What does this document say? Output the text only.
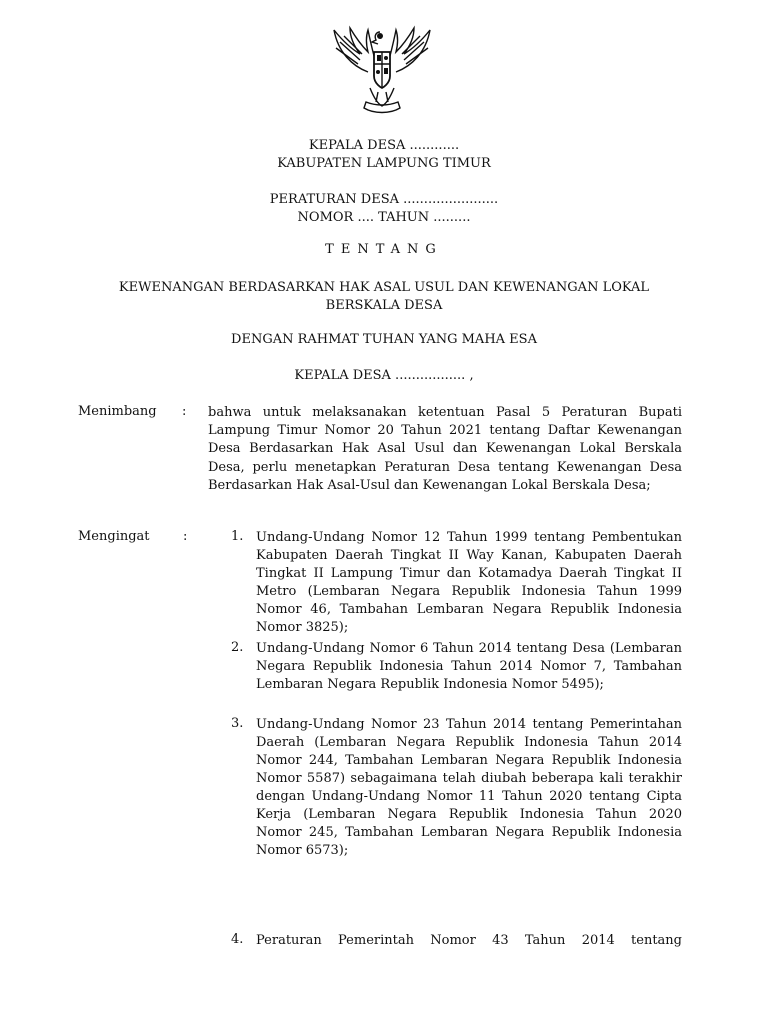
KEPALA DESA ............
KABUPATEN LAMPUNG TIMUR
PERATURAN DESA .......................
NOMOR .... TAHUN .........
TENTANG
KEWENANGAN BERDASARKAN HAK ASAL USUL DAN KEWENANGAN LOKAL
BERSKALA DESA
DENGAN RAHMAT TUHAN YANG MAHA ESA
KEPALA DESA ................. ,
Menimbang : bahwa untuk melaksanakan ketentuan Pasal 5 Peraturan Bupati Lampung Timur Nomor 20 Tahun 2021 tentang Daftar Kewenangan Desa Berdasarkan Hak Asal Usul dan Kewenangan Lokal Berskala Desa, perlu menetapkan Peraturan Desa tentang Kewenangan Desa Berdasarkan Hak Asal-Usul dan Kewenangan Lokal Berskala Desa;
Mengingat	:	1. Undang-Undang Nomor 12 Tahun 1999 tentang Pembentukan Kabupaten Daerah Tingkat II Way Kanan, Kabupaten Daerah Tingkat II Lampung Timur dan Kotamadya Daerah Tingkat II Metro (Lembaran Negara Republik Indonesia Tahun 1999 Nomor 46, Tambahan Lembaran Negara Republik Indonesia Nomor 3825);
2. Undang-Undang Nomor 6 Tahun 2014 tentang Desa (Lembaran Negara Republik Indonesia Tahun 2014 Nomor 7, Tambahan Lembaran Negara Republik Indonesia Nomor 5495);
3. Undang-Undang Nomor 23 Tahun 2014 tentang Pemerintahan Daerah (Lembaran Negara Republik Indonesia Tahun 2014 Nomor 244, Tambahan Lembaran Negara Republik Indonesia Nomor 5587) sebagaimana telah diubah beberapa kali terakhir dengan Undang-Undang Nomor 11 Tahun 2020 tentang Cipta Kerja (Lembaran Negara Republik Indonesia Tahun 2020 Nomor 245, Tambahan Lembaran Negara Republik Indonesia Nomor 6573);
4. Peraturan Pemerintah Nomor 43 Tahun 2014 tentang
